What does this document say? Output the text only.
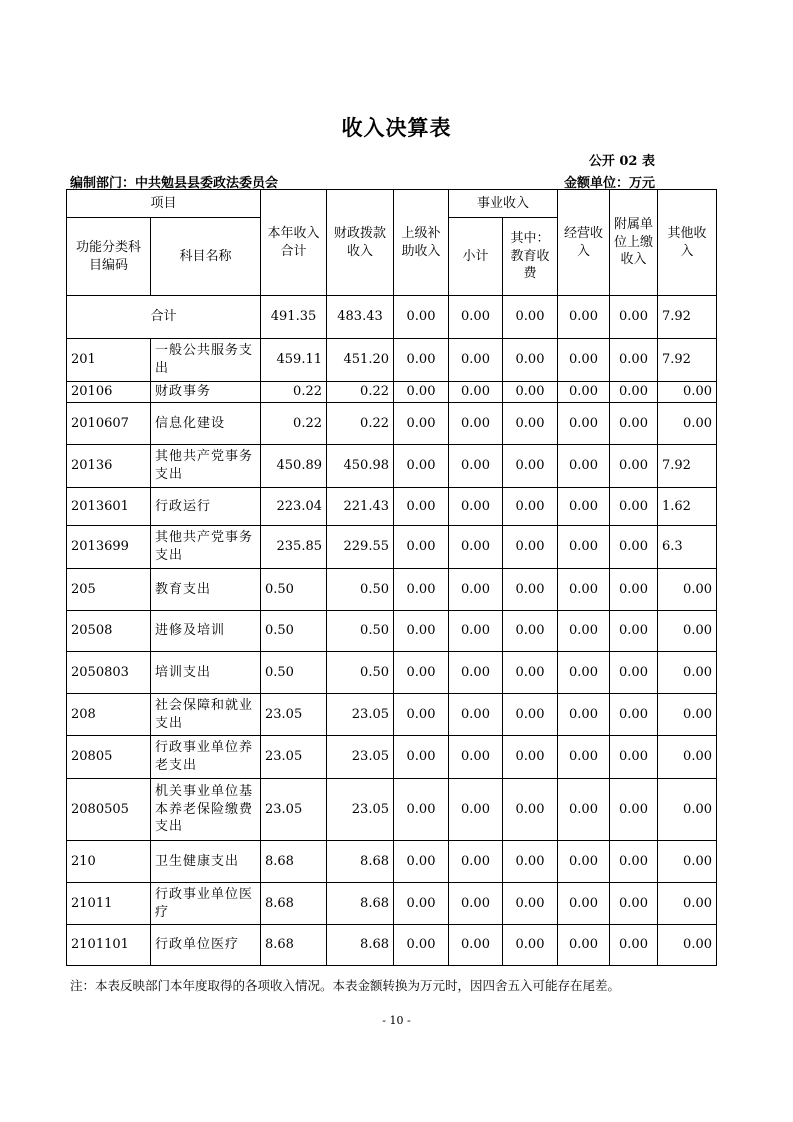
收入决算表
公开 02 表
编制部门：中共勉县县委政法委员会	金额单位：万元
项目		本年收入合计	财政拨款收入	上级补助收入	事业收入		经营收入	附属单位上缴收入	其他收入
功能分类科目编码	科目名称				小计	其中：教育收费			
合计		491.35	483.43	0.00	0.00	0.00	0.00	0.00	7.92
201	一般公共服务支出	459.11	451.20	0.00	0.00	0.00	0.00	0.00	7.92
20106	财政事务	0.22	0.22	0.00	0.00	0.00	0.00	0.00	0.00
2010607	信息化建设	0.22	0.22	0.00	0.00	0.00	0.00	0.00	0.00
20136	其他共产党事务支出	450.89	450.98	0.00	0.00	0.00	0.00	0.00	7.92
2013601	行政运行	223.04	221.43	0.00	0.00	0.00	0.00	0.00	1.62
2013699	其他共产党事务支出	235.85	229.55	0.00	0.00	0.00	0.00	0.00	6.3
205	教育支出	0.50	0.50	0.00	0.00	0.00	0.00	0.00	0.00
20508	进修及培训	0.50	0.50	0.00	0.00	0.00	0.00	0.00	0.00
2050803	培训支出	0.50	0.50	0.00	0.00	0.00	0.00	0.00	0.00
208	社会保障和就业支出	23.05	23.05	0.00	0.00	0.00	0.00	0.00	0.00
20805	行政事业单位养老支出	23.05	23.05	0.00	0.00	0.00	0.00	0.00	0.00
2080505	机关事业单位基本养老保险缴费支出	23.05	23.05	0.00	0.00	0.00	0.00	0.00	0.00
210	卫生健康支出	8.68	8.68	0.00	0.00	0.00	0.00	0.00	0.00
21011	行政事业单位医疗	8.68	8.68	0.00	0.00	0.00	0.00	0.00	0.00
2101101	行政单位医疗	8.68	8.68	0.00	0.00	0.00	0.00	0.00	0.00
注：本表反映部门本年度取得的各项收入情况。本表金额转换为万元时，因四舍五入可能存在尾差。
- 10 -
